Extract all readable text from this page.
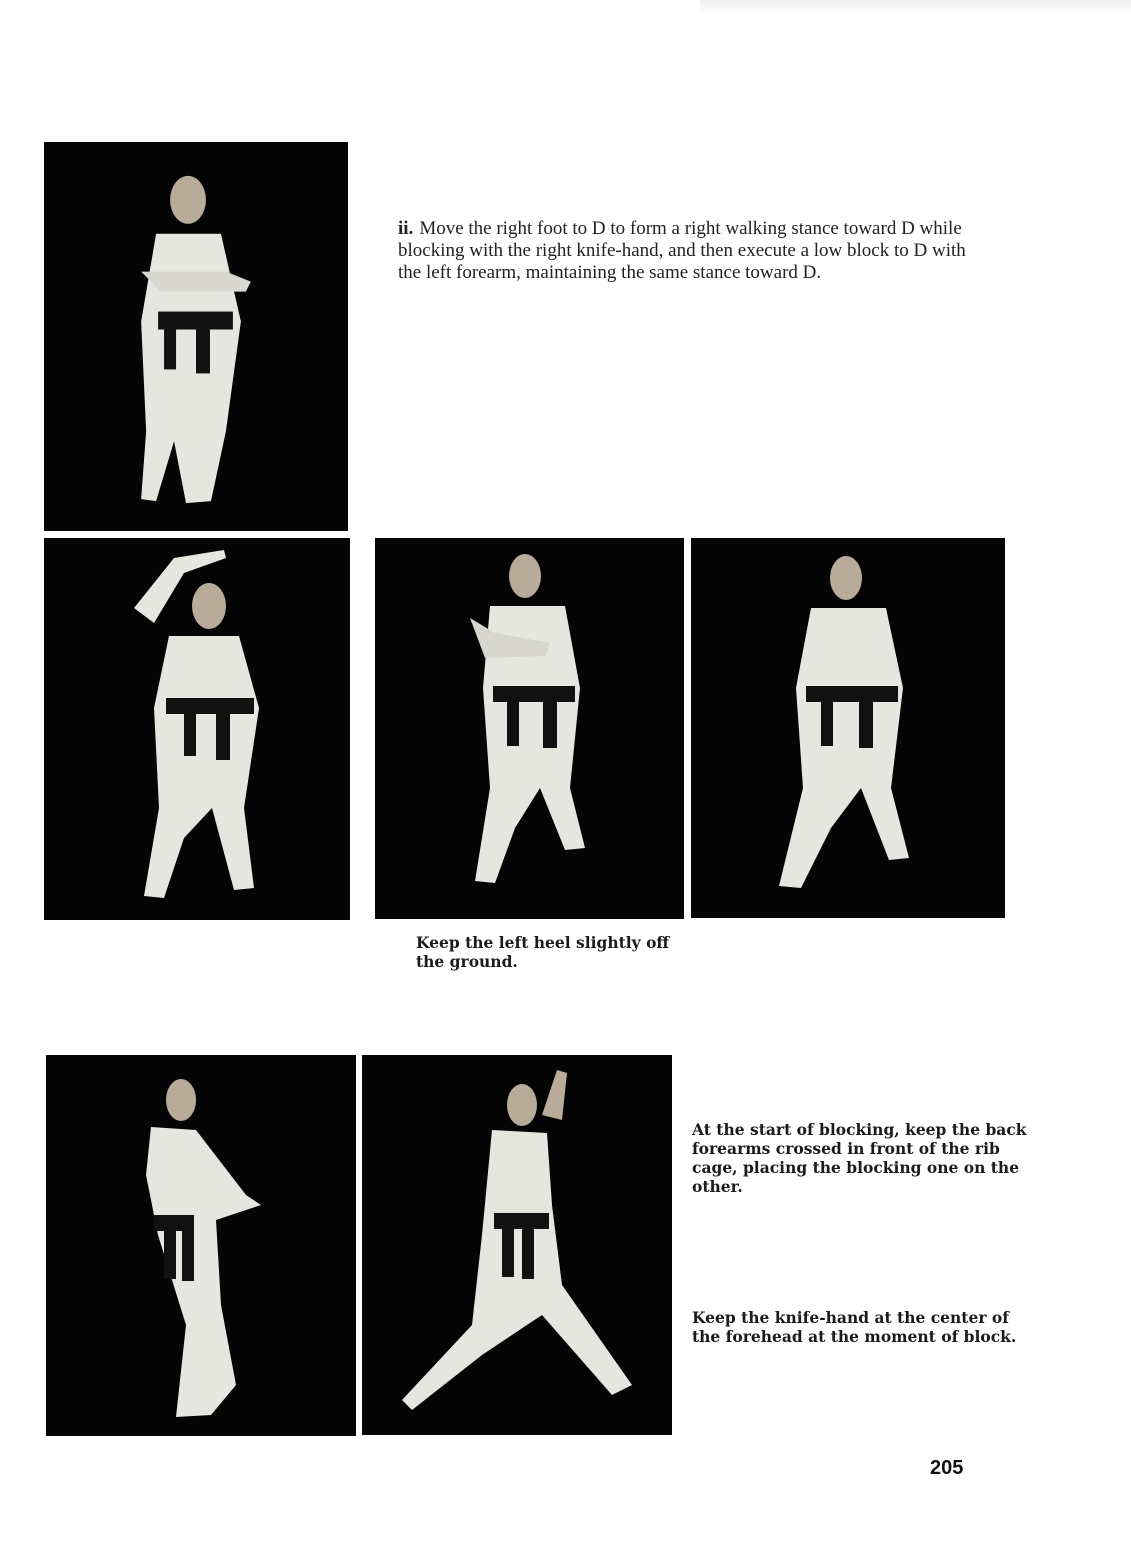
ii. Move the right foot to D to form a right walking stance toward D while blocking with the right knife-hand, and then execute a low block to D with the left forearm, maintaining the same stance toward D.

Keep the left heel slightly off the ground.

At the start of blocking, keep the back forearms crossed in front of the rib cage, placing the blocking one on the other.

Keep the knife-hand at the center of the forehead at the moment of block.

205
